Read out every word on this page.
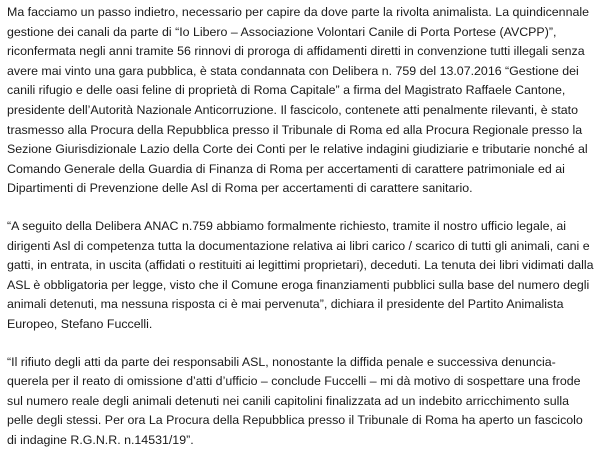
Ma facciamo un passo indietro, necessario per capire da dove parte la rivolta animalista. La quindicennale gestione dei canali da parte di “Io Libero – Associazione Volontari Canile di Porta Portese (AVCPP)”, riconfermata negli anni tramite 56 rinnovi di proroga di affidamenti diretti in convenzione tutti illegali senza avere mai vinto una gara pubblica, è stata condannata con Delibera n. 759 del 13.07.2016 “Gestione dei canili rifugio e delle oasi feline di proprietà di Roma Capitale” a firma del Magistrato Raffaele Cantone, presidente dell’Autorità Nazionale Anticorruzione. Il fascicolo, contenete atti penalmente rilevanti, è stato trasmesso alla Procura della Repubblica presso il Tribunale di Roma ed alla Procura Regionale presso la Sezione Giurisdizionale Lazio della Corte dei Conti per le relative indagini giudiziarie e tributarie nonché al Comando Generale della Guardia di Finanza di Roma per accertamenti di carattere patrimoniale ed ai Dipartimenti di Prevenzione delle Asl di Roma per accertamenti di carattere sanitario.

“A seguito della Delibera ANAC n.759 abbiamo formalmente richiesto, tramite il nostro ufficio legale, ai dirigenti Asl di competenza tutta la documentazione relativa ai libri carico / scarico di tutti gli animali, cani e gatti, in entrata, in uscita (affidati o restituiti ai legittimi proprietari), deceduti. La tenuta dei libri vidimati dalla ASL è obbligatoria per legge, visto che il Comune eroga finanziamenti pubblici sulla base del numero degli animali detenuti, ma nessuna risposta ci è mai pervenuta”, dichiara il presidente del Partito Animalista Europeo, Stefano Fuccelli.

“Il rifiuto degli atti da parte dei responsabili ASL, nonostante la diffida penale e successiva denuncia-querela per il reato di omissione d’atti d’ufficio – conclude Fuccelli – mi dà motivo di sospettare una frode sul numero reale degli animali detenuti nei canili capitolini finalizzata ad un indebito arricchimento sulla pelle degli stessi. Per ora La Procura della Repubblica presso il Tribunale di Roma ha aperto un fascicolo di indagine R.G.N.R. n.14531/19”.
